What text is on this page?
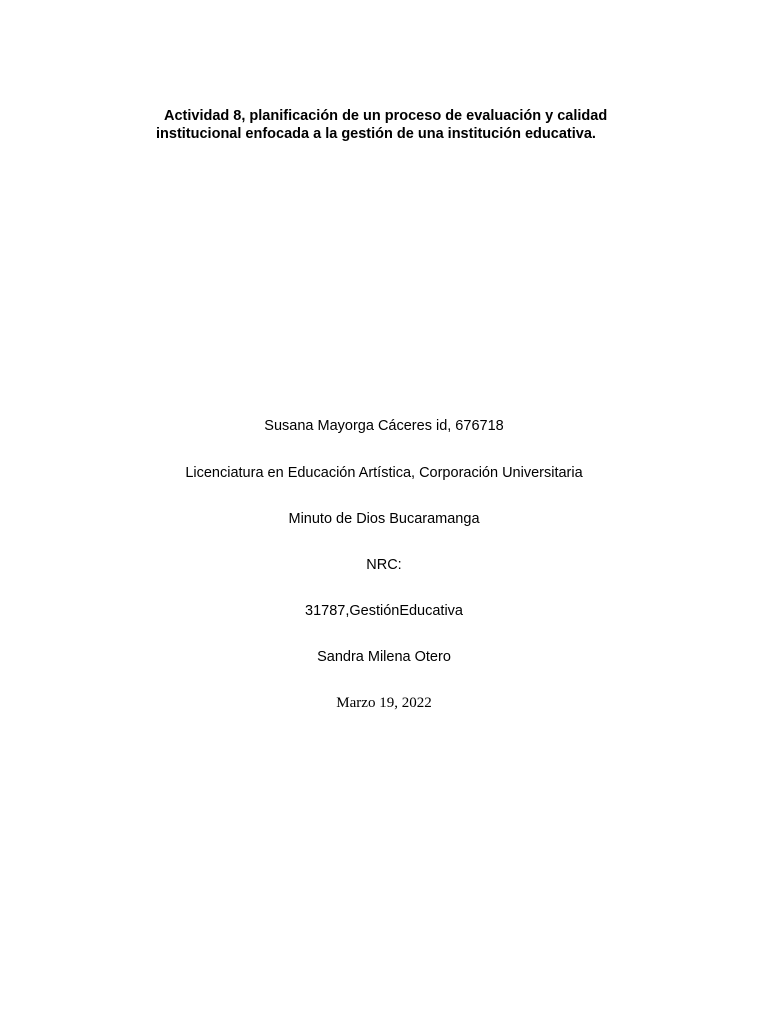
Actividad 8, planificación de un proceso de evaluación y calidad
institucional enfocada a la gestión de una institución educativa.
Susana Mayorga Cáceres id, 676718
Licenciatura en Educación Artística, Corporación Universitaria
Minuto de Dios Bucaramanga
NRC:
31787,GestiónEducativa
Sandra Milena Otero
Marzo 19, 2022
